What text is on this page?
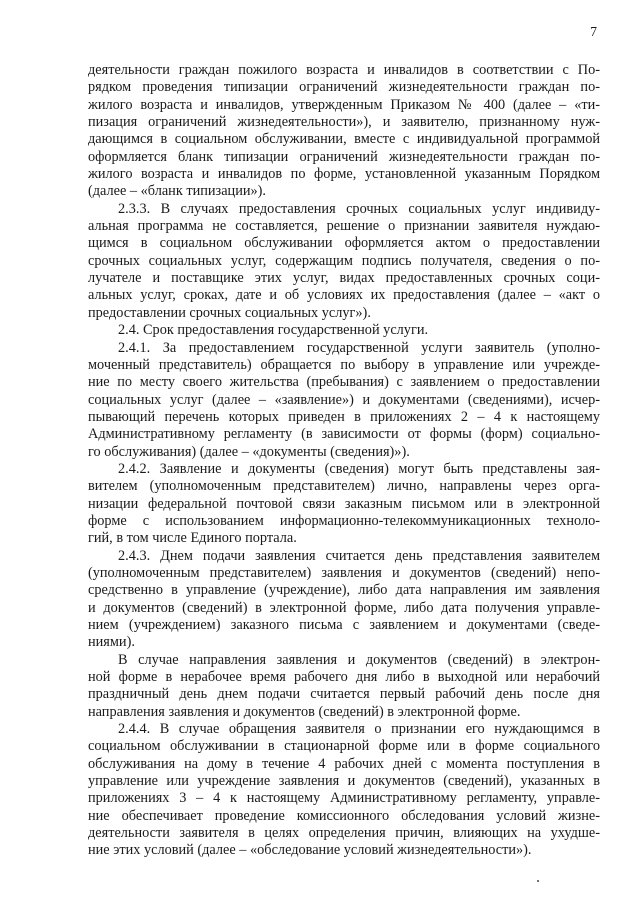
7
деятельности граждан пожилого возраста и инвалидов в соответствии с По-
рядком проведения типизации ограничений жизнедеятельности граждан по-
жилого возраста и инвалидов, утвержденным Приказом № 400 (далее – «ти-
пизация ограничений жизнедеятельности»), и заявителю, признанному нуж-
дающимся в социальном обслуживании, вместе с индивидуальной программой
оформляется бланк типизации ограничений жизнедеятельности граждан по-
жилого возраста и инвалидов по форме, установленной указанным Порядком
(далее – «бланк типизации»).
2.3.3. В случаях предоставления срочных социальных услуг индивиду-
альная программа не составляется, решение о признании заявителя нуждаю-
щимся в социальном обслуживании оформляется актом о предоставлении
срочных социальных услуг, содержащим подпись получателя, сведения о по-
лучателе и поставщике этих услуг, видах предоставленных срочных соци-
альных услуг, сроках, дате и об условиях их предоставления (далее – «акт о
предоставлении срочных социальных услуг»).
2.4. Срок предоставления государственной услуги.
2.4.1. За предоставлением государственной услуги заявитель (уполно-
моченный представитель) обращается по выбору в управление или учрежде-
ние по месту своего жительства (пребывания) с заявлением о предоставлении
социальных услуг (далее – «заявление») и документами (сведениями), исчер-
пывающий перечень которых приведен в приложениях 2 – 4 к настоящему
Административному регламенту (в зависимости от формы (форм) социально-
го обслуживания) (далее – «документы (сведения)»).
2.4.2. Заявление и документы (сведения) могут быть представлены зая-
вителем (уполномоченным представителем) лично, направлены через орга-
низации федеральной почтовой связи заказным письмом или в электронной
форме с использованием информационно-телекоммуникационных техноло-
гий, в том числе Единого портала.
2.4.3. Днем подачи заявления считается день представления заявителем
(уполномоченным представителем) заявления и документов (сведений) непо-
средственно в управление (учреждение), либо дата направления им заявления
и документов (сведений) в электронной форме, либо дата получения управле-
нием (учреждением) заказного письма с заявлением и документами (сведе-
ниями).
В случае направления заявления и документов (сведений) в электрон-
ной форме в нерабочее время рабочего дня либо в выходной или нерабочий
праздничный день днем подачи считается первый рабочий день после дня
направления заявления и документов (сведений) в электронной форме.
2.4.4. В случае обращения заявителя о признании его нуждающимся в
социальном обслуживании в стационарной форме или в форме социального
обслуживания на дому в течение 4 рабочих дней с момента поступления в
управление или учреждение заявления и документов (сведений), указанных в
приложениях 3 – 4 к настоящему Административному регламенту, управле-
ние обеспечивает проведение комиссионного обследования условий жизне-
деятельности заявителя в целях определения причин, влияющих на ухудше-
ние этих условий (далее – «обследование условий жизнедеятельности»).
